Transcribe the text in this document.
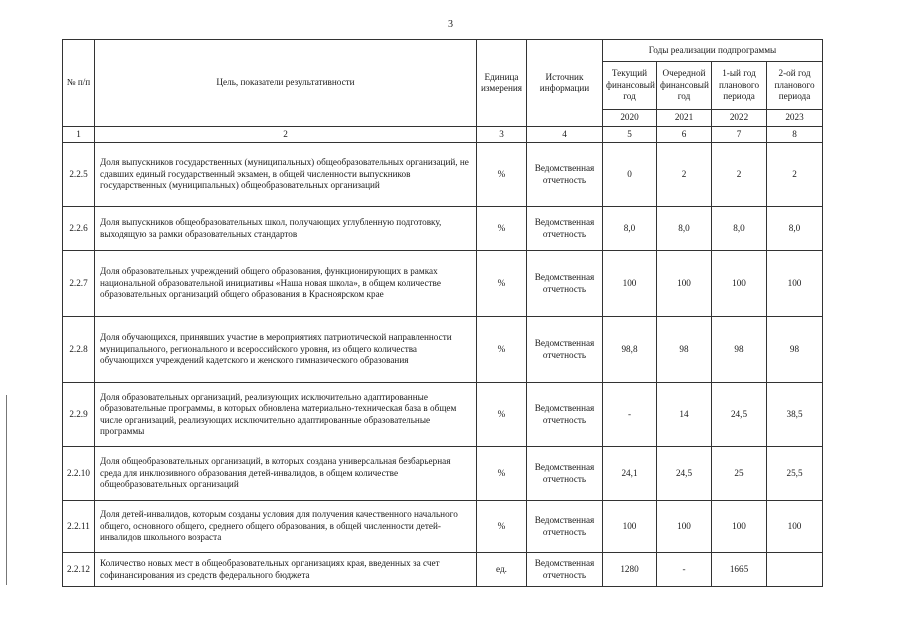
3
№ п/п	Цель, показатели результативности	Единица измерения	Источник информации	Годы реализации подпрограммы			
				Текущий финансовый год	Очередной финансовый год	1-ый год планового периода	2-ой год планового периода
				2020	2021	2022	2023
1	2	3	4	5	6	7	8
2.2.5	Доля выпускников государственных (муниципальных) общеобразовательных организаций, не сдавших единый государственный экзамен, в общей численности выпускников государственных (муниципальных) общеобразовательных организаций	%	Ведомственная отчетность	0	2	2	2
2.2.6	Доля выпускников общеобразовательных школ, получающих углубленную подготовку, выходящую за рамки образовательных стандартов	%	Ведомственная отчетность	8,0	8,0	8,0	8,0
2.2.7	Доля образовательных учреждений общего образования, функционирующих в рамках национальной образовательной инициативы «Наша новая школа», в общем количестве образовательных организаций общего образования в Красноярском крае	%	Ведомственная отчетность	100	100	100	100
2.2.8	Доля обучающихся, принявших участие в мероприятиях патриотической направленности муниципального, регионального и всероссийского уровня, из общего количества обучающихся учреждений кадетского и женского гимназического образования	%	Ведомственная отчетность	98,8	98	98	98
2.2.9	Доля образовательных организаций, реализующих исключительно адаптированные образовательные программы, в которых обновлена материально-техническая база в общем числе организаций, реализующих исключительно адаптированные образовательные программы	%	Ведомственная отчетность	-	14	24,5	38,5
2.2.10	Доля общеобразовательных организаций, в которых создана универсальная безбарьерная среда для инклюзивного образования детей-инвалидов, в общем количестве общеобразовательных организаций	%	Ведомственная отчетность	24,1	24,5	25	25,5
2.2.11	Доля детей-инвалидов, которым созданы условия для получения качественного начального общего, основного общего, среднего общего образования, в общей численности детей-инвалидов школьного возраста	%	Ведомственная отчетность	100	100	100	100
2.2.12	Количество новых мест в общеобразовательных организациях края, введенных за счет софинансирования из средств федерального бюджета	ед.	Ведомственная отчетность	1280	-	1665	
